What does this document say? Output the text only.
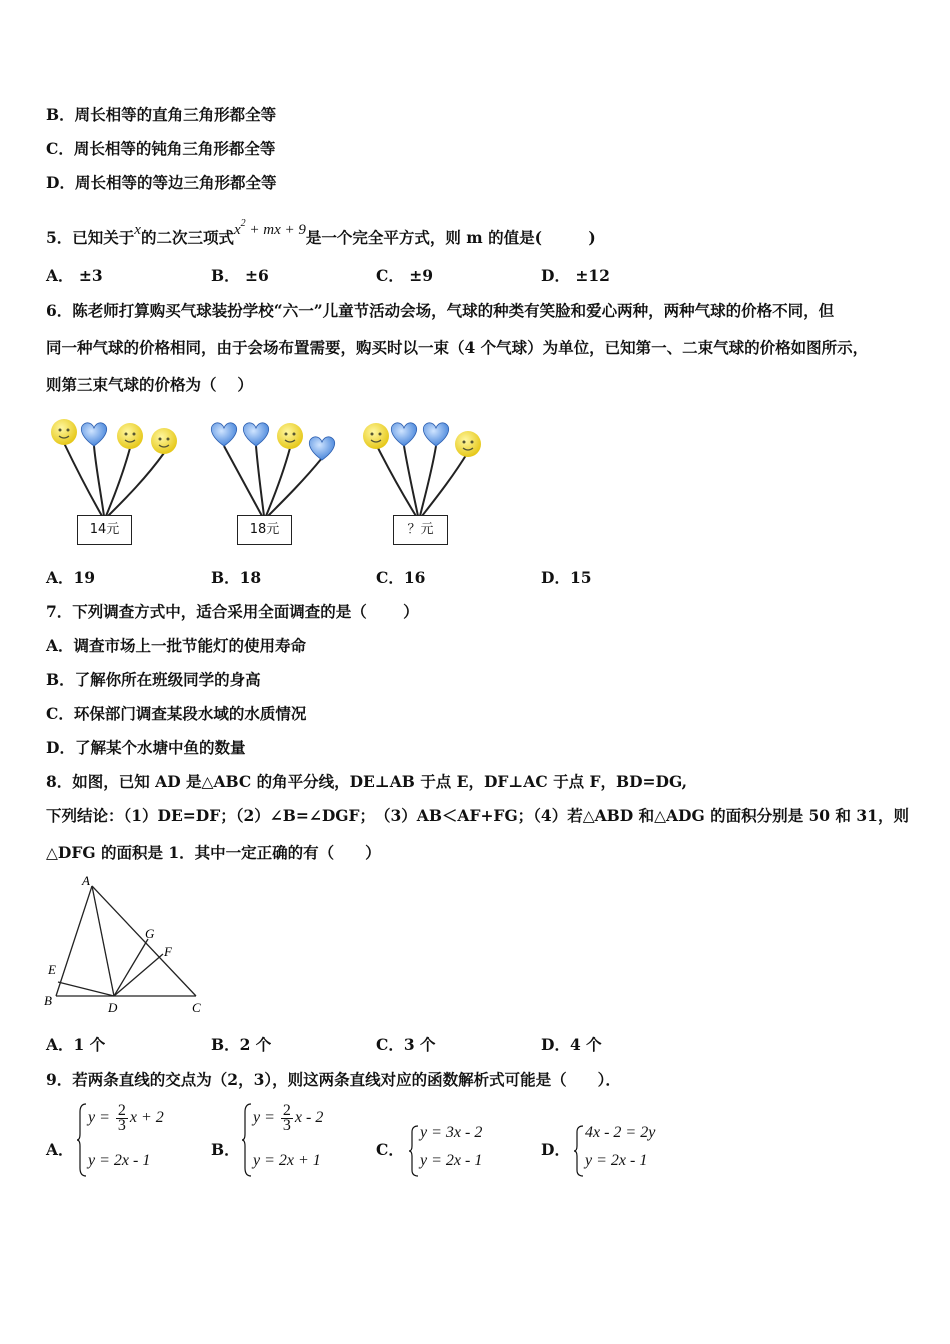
B．周长相等的直角三角形都全等
C．周长相等的钝角三角形都全等
D．周长相等的等边三角形都全等
5．已知关于x的二次三项式$x^2$ + mx + 9是一个完全平方式，则 m 的值是(　　　)
A． ±3	B． ±6	C． ±9	D． ±12
6．陈老师打算购买气球装扮学校“六一”儿童节活动会场，气球的种类有笑脸和爱心两种，两种气球的价格不同，但
同一种气球的价格相同，由于会场布置需要，购买时以一束（4 个气球）为单位，已知第一、二束气球的价格如图所示，
则第三束气球的价格为（　 ）
14元	18元	？元
A．19	B．18	C．16	D．15
7．下列调查方式中，适合采用全面调查的是（　　 ）
A．调查市场上一批节能灯的使用寿命
B．了解你所在班级同学的身高
C．环保部门调查某段水域的水质情况
D．了解某个水塘中鱼的数量
8．如图，已知 AD 是△ABC 的角平分线，DE⊥AB 于点 E，DF⊥AC 于点 F，BD=DG,
下列结论：（1）DE=DF；（2）∠B=∠DGF；　（3）AB＜AF+FG；（4）若△ABD 和△ADG 的面积分别是 50 和 31，则
△DFG 的面积是 1．其中一定正确的有（　　）
A
B	C
D
E
F
G
A．1 个	B．2 个	C．3 个	D．4 个
9．若两条直线的交点为（2，3），则这两条直线对应的函数解析式可能是（　　）．
A．	B．	C．	D．
$y = \frac{2}{3}$ x + 2
y = 2x - 1
$y = \frac{2}{3}$ x - 2
y = 2x + 1
y = 3x - 2
y = 2x - 1
4x - 2 = 2y
y = 2x - 1
